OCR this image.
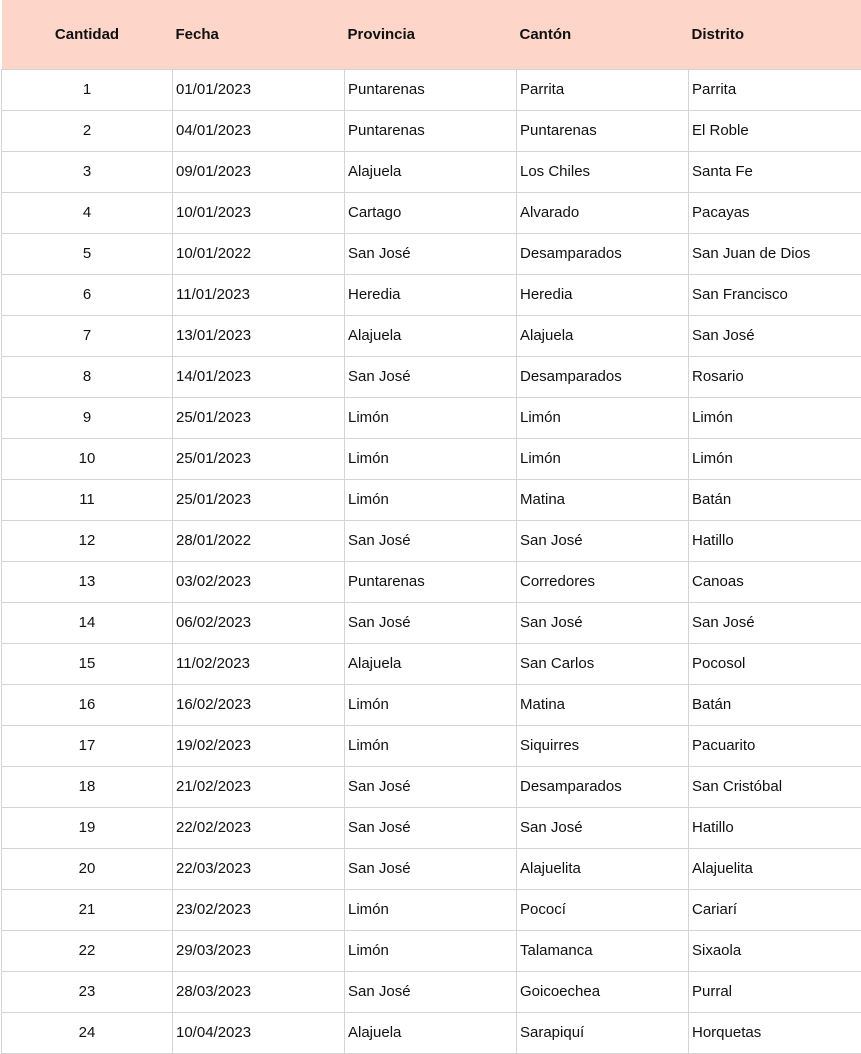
Cantidad	Fecha	Provincia	Cantón	Distrito
1	01/01/2023	Puntarenas	Parrita	Parrita
2	04/01/2023	Puntarenas	Puntarenas	El Roble
3	09/01/2023	Alajuela	Los Chiles	Santa Fe
4	10/01/2023	Cartago	Alvarado	Pacayas
5	10/01/2022	San José	Desamparados	San Juan de Dios
6	11/01/2023	Heredia	Heredia	San Francisco
7	13/01/2023	Alajuela	Alajuela	San José
8	14/01/2023	San José	Desamparados	Rosario
9	25/01/2023	Limón	Limón	Limón
10	25/01/2023	Limón	Limón	Limón
11	25/01/2023	Limón	Matina	Batán
12	28/01/2022	San José	San José	Hatillo
13	03/02/2023	Puntarenas	Corredores	Canoas
14	06/02/2023	San José	San José	San José
15	11/02/2023	Alajuela	San Carlos	Pocosol
16	16/02/2023	Limón	Matina	Batán
17	19/02/2023	Limón	Siquirres	Pacuarito
18	21/02/2023	San José	Desamparados	San Cristóbal
19	22/02/2023	San José	San José	Hatillo
20	22/03/2023	San José	Alajuelita	Alajuelita
21	23/02/2023	Limón	Pococí	Cariarí
22	29/03/2023	Limón	Talamanca	Sixaola
23	28/03/2023	San José	Goicoechea	Purral
24	10/04/2023	Alajuela	Sarapiquí	Horquetas
